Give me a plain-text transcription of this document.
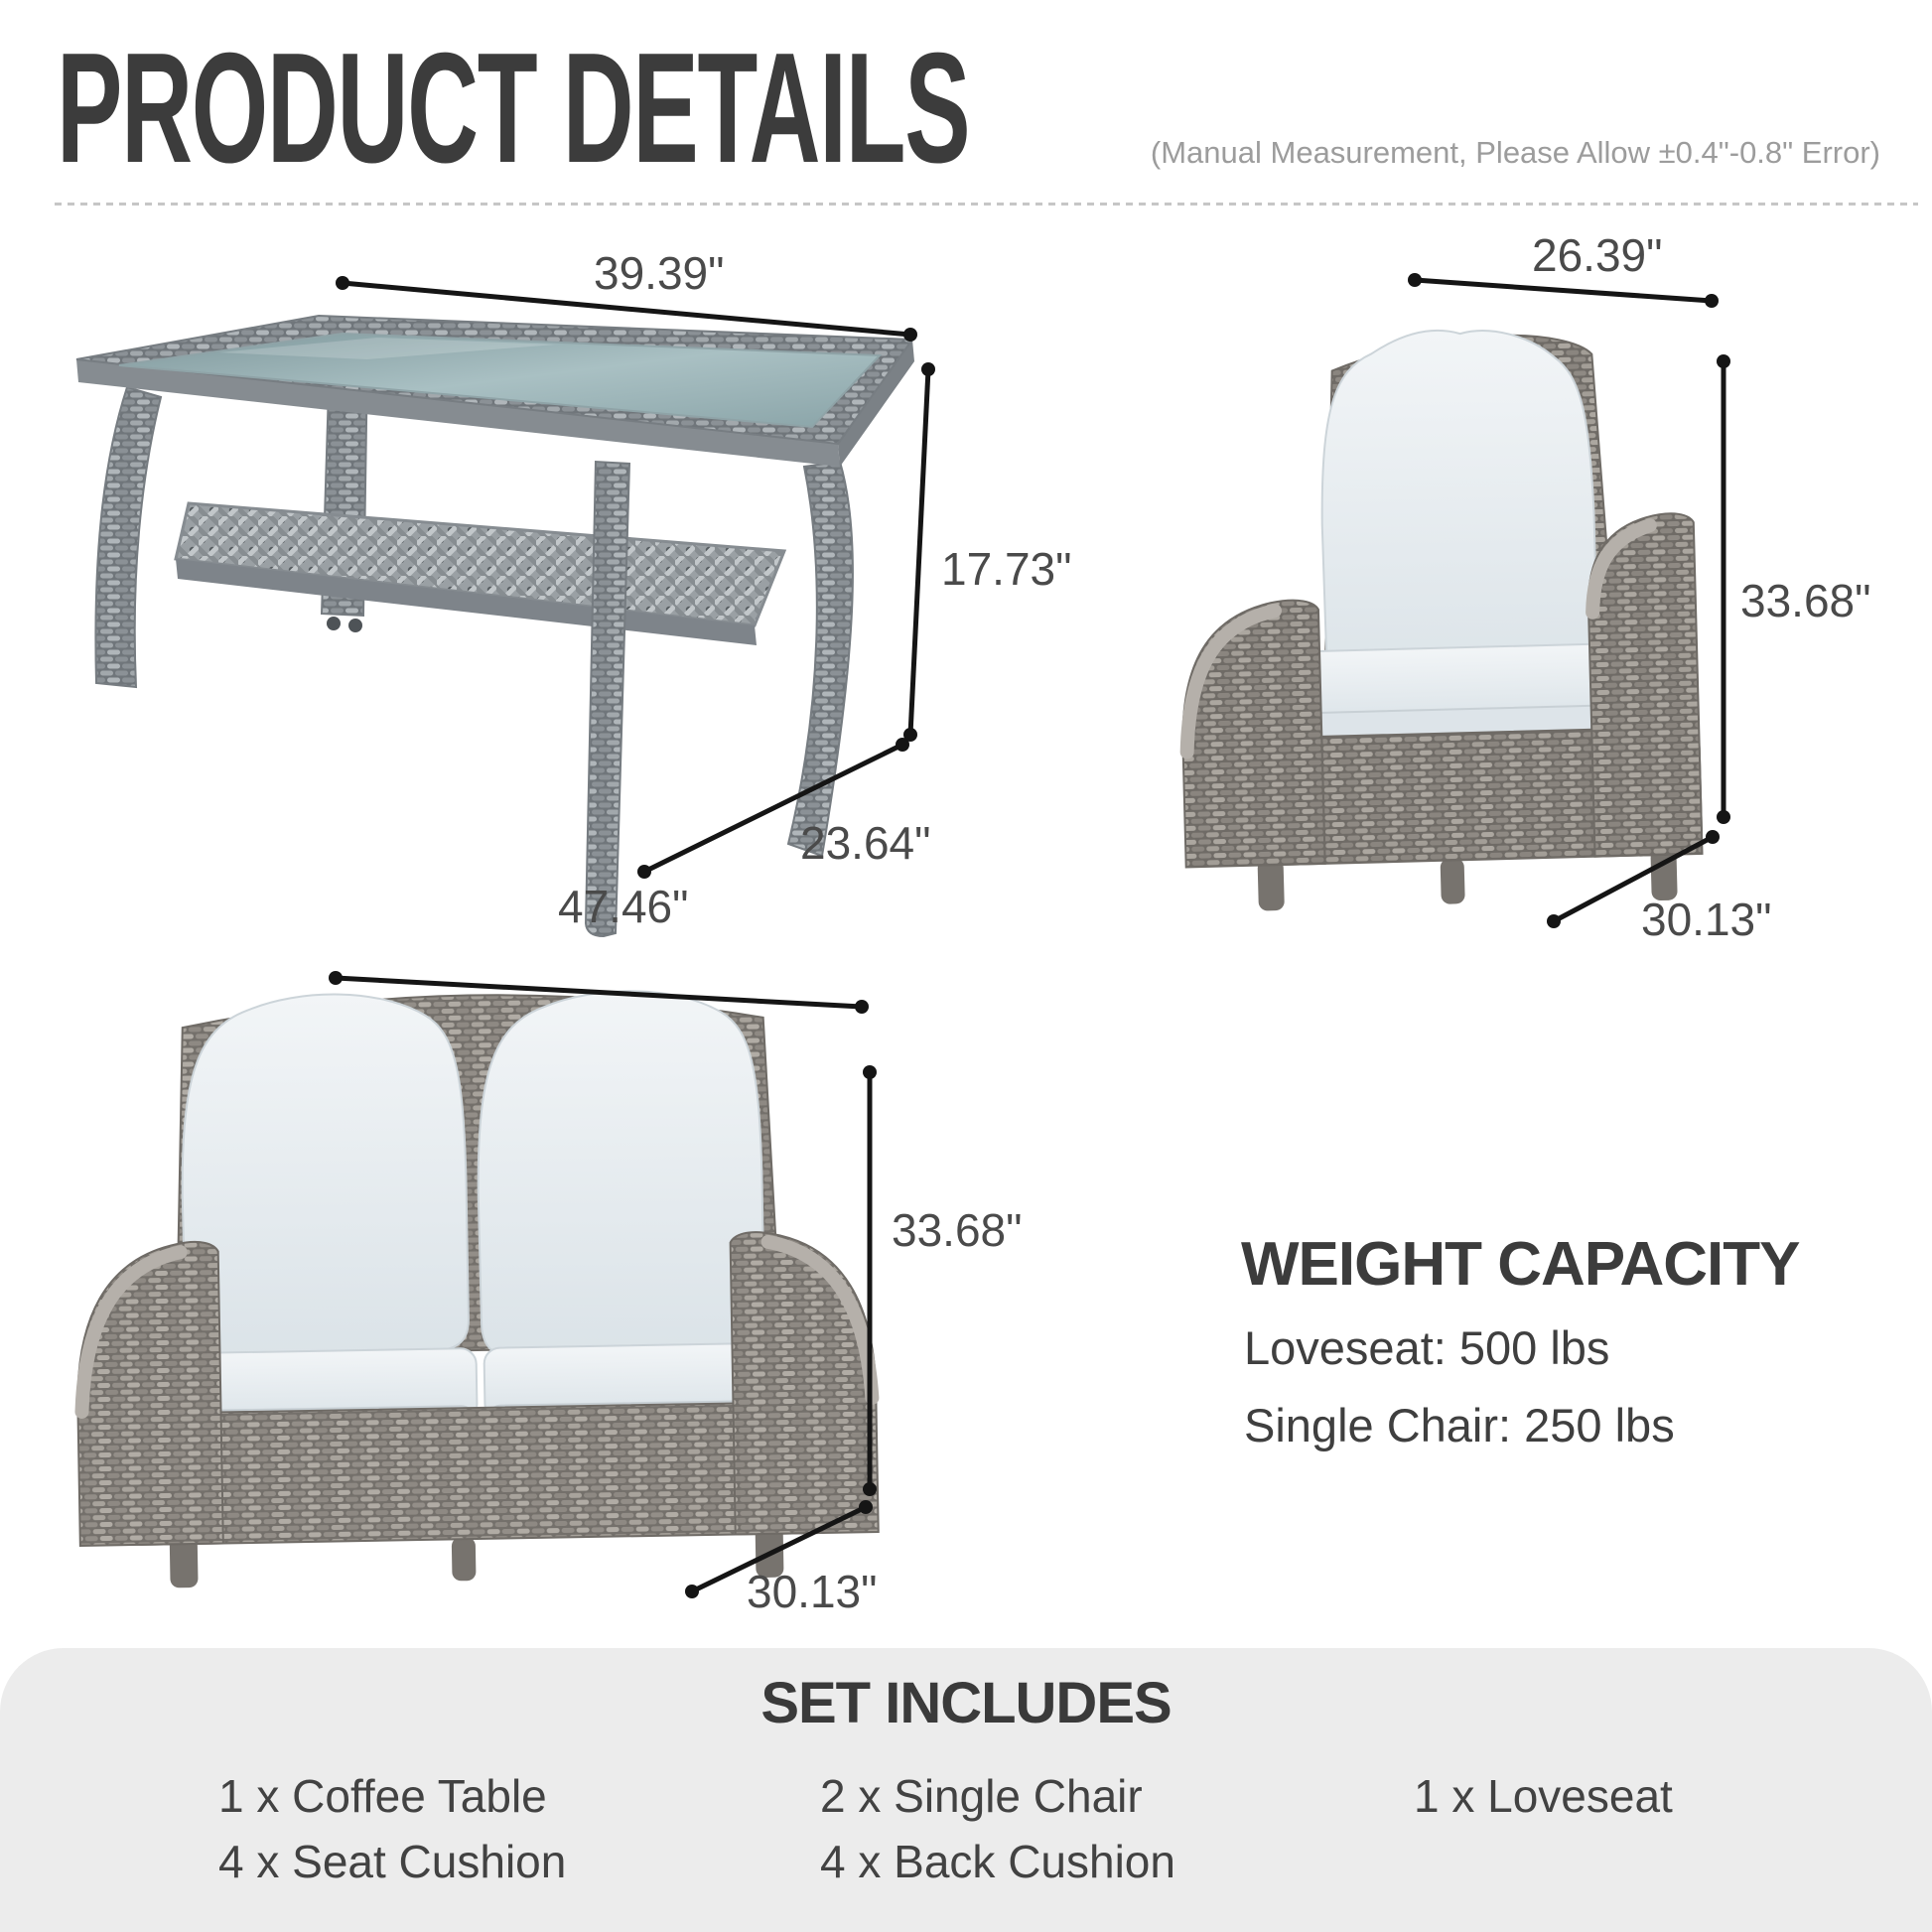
PRODUCT DETAILS	(Manual Measurement, Please Allow ±0.4"-0.8" Error)
39.39"
17.73"
23.64"
26.39"
33.68"
30.13"
47.46"
33.68"
30.13"
WEIGHT CAPACITY
Loveseat: 500 lbs
Single Chair: 250 lbs
SET INCLUDES
1 x Coffee Table
4 x Seat Cushion
2 x Single Chair
4 x Back Cushion
1 x Loveseat
